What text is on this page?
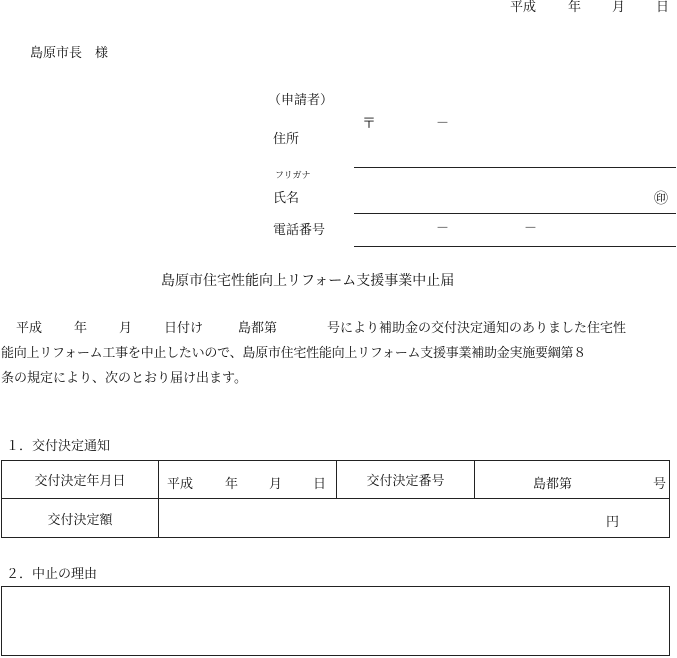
平成 年 月 日
島原市長　様
（申請者）
住所
〒	－
フリガナ
氏名	㊞
電話番号	－	－
島原市住宅性能向上リフォーム支援事業中止届
平成 年 月 日付け	島都第	号により補助金の交付決定通知のありました住宅性
能向上リフォーム工事を中止したいので、島原市住宅性能向上リフォーム支援事業補助金実施要綱第８
条の規定により、次のとおり届け出ます。
１．交付決定通知
交付決定年月日	平成 年 月 日	交付決定番号	島都第 号

交付決定額	円		
２．中止の理由
